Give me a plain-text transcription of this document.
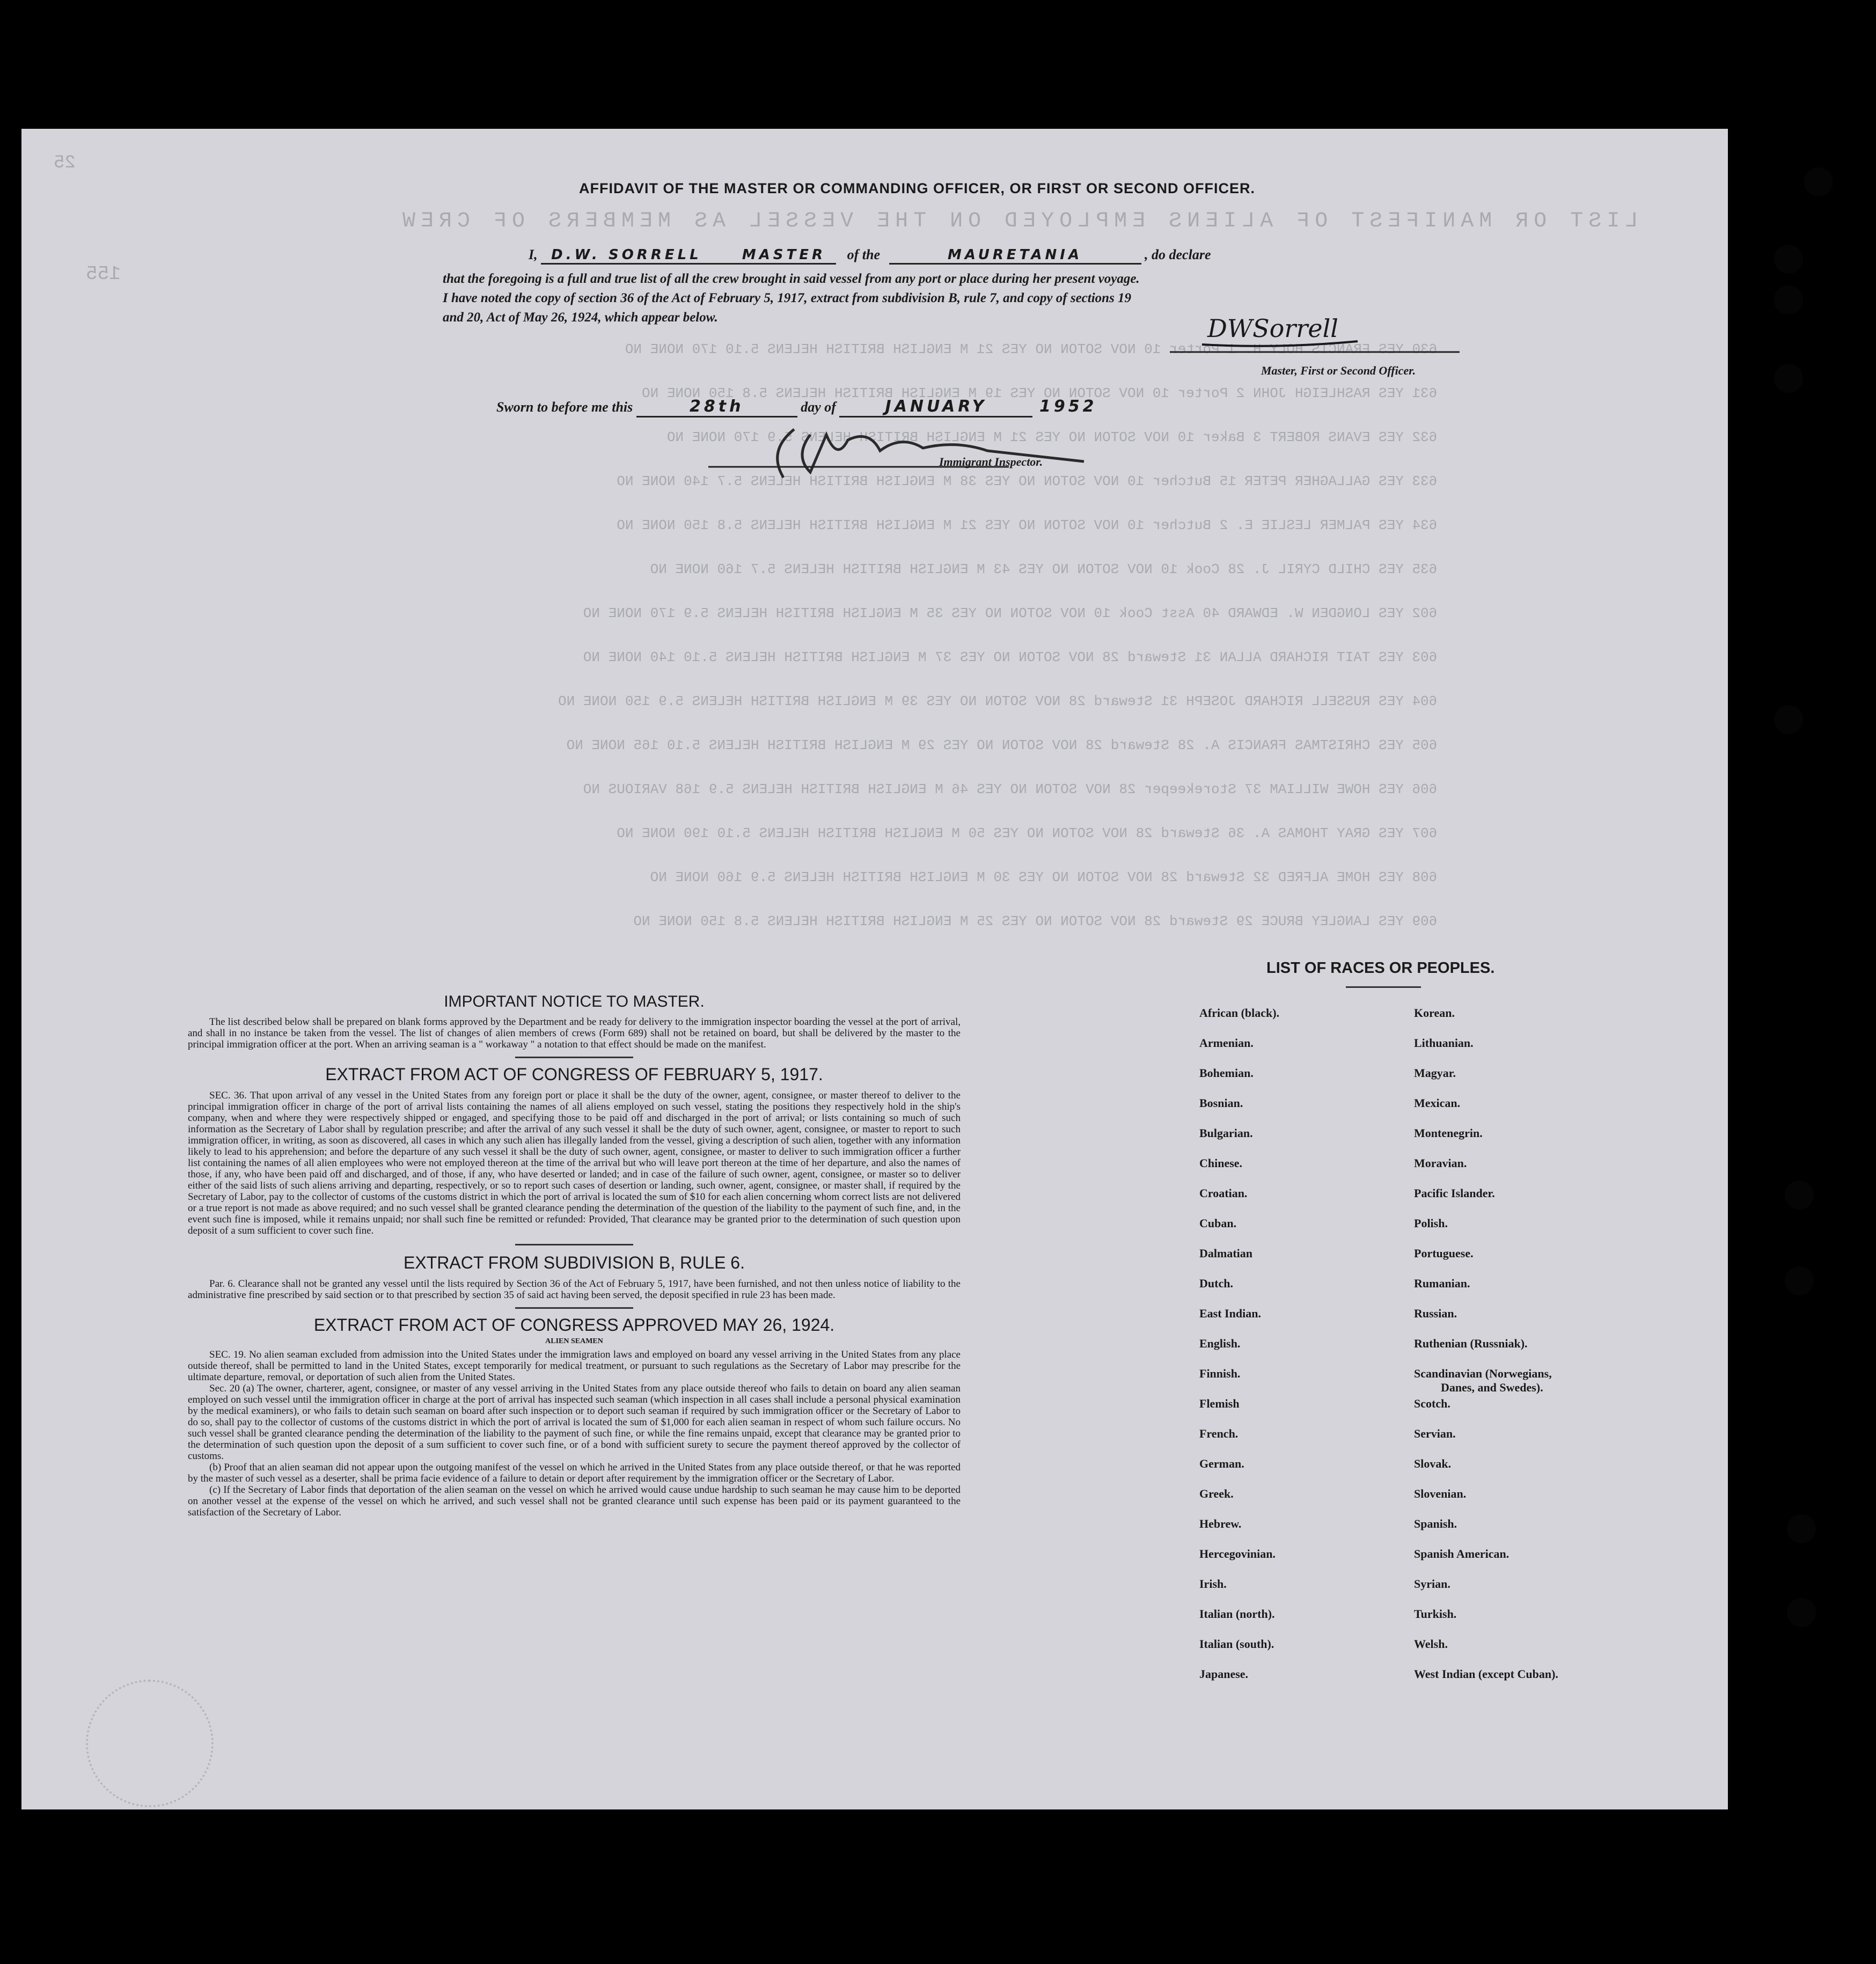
LIST OR MANIFEST OF ALIENS EMPLOYED ON THE VESSEL AS MEMBERS OF CREW
155
25
630 YES FRANCIS HOLY H. 1 Porter 10 NOV SOTON NO YES 21 M ENGLISH BRITISH HELENS 5.10 170 NONE NO
631 YES RASHLEIGH JOHN 2 Porter 10 NOV SOTON NO YES 19 M ENGLISH BRITISH HELENS 5.8 150 NONE NO
632 YES EVANS ROBERT 3 Baker 10 NOV SOTON NO YES 21 M ENGLISH BRITISH HELENS 5.9 170 NONE NO
633 YES GALLAGHER PETER 15 Butcher 10 NOV SOTON NO YES 38 M ENGLISH BRITISH HELENS 5.7 140 NONE NO
634 YES PALMER LESLIE E. 2 Butcher 10 NOV SOTON NO YES 21 M ENGLISH BRITISH HELENS 5.8 150 NONE NO
635 YES CHILD CYRIL J. 28 Cook 10 NOV SOTON NO YES 43 M ENGLISH BRITISH HELENS 5.7 160 NONE NO
602 YES LONGDEN W. EDWARD 40 Asst Cook 10 NOV SOTON NO YES 35 M ENGLISH BRITISH HELENS 5.9 170 NONE NO
603 YES TAIT RICHARD ALLAN 31 Steward 28 NOV SOTON NO YES 37 M ENGLISH BRITISH HELENS 5.10 140 NONE NO
604 YES RUSSELL RICHARD JOSEPH 31 Steward 28 NOV SOTON NO YES 39 M ENGLISH BRITISH HELENS 5.9 150 NONE NO
605 YES CHRISTMAS FRANCIS A. 28 Steward 28 NOV SOTON NO YES 29 M ENGLISH BRITISH HELENS 5.10 165 NONE NO
606 YES HOWE WILLIAM 37 Storekeeper 28 NOV SOTON NO YES 46 M ENGLISH BRITISH HELENS 5.9 168 VARIOUS NO
607 YES GRAY THOMAS A. 36 Steward 28 NOV SOTON NO YES 50 M ENGLISH BRITISH HELENS 5.10 190 NONE NO
608 YES HOME ALFRED 32 Steward 28 NOV SOTON NO YES 30 M ENGLISH BRITISH HELENS 5.9 160 NONE NO
609 YES LANGLEY BRUCE 29 Steward 28 NOV SOTON NO YES 25 M ENGLISH BRITISH HELENS 5.8 150 NONE NO
AFFIDAVIT OF THE MASTER OR COMMANDING OFFICER, OR FIRST OR SECOND OFFICER.
I, D.W. SORRELL	MASTER of the	MAURETANIA	, do declare
that the foregoing is a full and true list of all the crew brought in said vessel from any port or place during her present voyage.
I have noted the copy of section 36 of the Act of February 5, 1917, extract from subdivision B, rule 7, and copy of sections 19
and 20, Act of May 26, 1924, which appear below.	DWSorrell
Master, First or Second Officer.
Sworn to before me this	28th	day of	JANUARY	1952
Immigrant Inspector.
IMPORTANT NOTICE TO MASTER.
The list described below shall be prepared on blank forms approved by the Department and be ready for delivery to the immigration inspector boarding the vessel at the port of arrival, and shall in no instance be taken from the vessel. The list of changes of alien members of crews (Form 689) shall not be retained on board, but shall be delivered by the master to the principal immigration officer at the port. When an arriving seaman is a " workaway " a notation to that effect should be made on the manifest.
EXTRACT FROM ACT OF CONGRESS OF FEBRUARY 5, 1917.
SEC. 36. That upon arrival of any vessel in the United States from any foreign port or place it shall be the duty of the owner, agent, consignee, or master thereof to deliver to the principal immigration officer in charge of the port of arrival lists containing the names of all aliens employed on such vessel, stating the positions they respectively hold in the ship's company, when and where they were respectively shipped or engaged, and specifying those to be paid off and discharged in the port of arrival; or lists containing so much of such information as the Secretary of Labor shall by regulation prescribe; and after the arrival of any such vessel it shall be the duty of such owner, agent, consignee, or master to report to such immigration officer, in writing, as soon as discovered, all cases in which any such alien has illegally landed from the vessel, giving a description of such alien, together with any information likely to lead to his apprehension; and before the departure of any such vessel it shall be the duty of such owner, agent, consignee, or master to deliver to such immigration officer a further list containing the names of all alien employees who were not employed thereon at the time of the arrival but who will leave port thereon at the time of her departure, and also the names of those, if any, who have been paid off and discharged, and of those, if any, who have deserted or landed; and in case of the failure of such owner, agent, consignee, or master so to deliver either of the said lists of such aliens arriving and departing, respectively, or so to report such cases of desertion or landing, such owner, agent, consignee, or master shall, if required by the Secretary of Labor, pay to the collector of customs of the customs district in which the port of arrival is located the sum of $10 for each alien concerning whom correct lists are not delivered or a true report is not made as above required; and no such vessel shall be granted clearance pending the determination of the question of the liability to the payment of such fine, and, in the event such fine is imposed, while it remains unpaid; nor shall such fine be remitted or refunded: Provided, That clearance may be granted prior to the determination of such question upon deposit of a sum sufficient to cover such fine.
EXTRACT FROM SUBDIVISION B, RULE 6.
Par. 6. Clearance shall not be granted any vessel until the lists required by Section 36 of the Act of February 5, 1917, have been furnished, and not then unless notice of liability to the administrative fine prescribed by said section or to that prescribed by section 35 of said act having been served, the deposit specified in rule 23 has been made.
EXTRACT FROM ACT OF CONGRESS APPROVED MAY 26, 1924.
ALIEN SEAMEN
SEC. 19. No alien seaman excluded from admission into the United States under the immigration laws and employed on board any vessel arriving in the United States from any place outside thereof, shall be permitted to land in the United States, except temporarily for medical treatment, or pursuant to such regulations as the Secretary of Labor may prescribe for the ultimate departure, removal, or deportation of such alien from the United States.
Sec. 20 (a) The owner, charterer, agent, consignee, or master of any vessel arriving in the United States from any place outside thereof who fails to detain on board any alien seaman employed on such vessel until the immigration officer in charge at the port of arrival has inspected such seaman (which inspection in all cases shall include a personal physical examination by the medical examiners), or who fails to detain such seaman on board after such inspection or to deport such seaman if required by such immigration officer or the Secretary of Labor to do so, shall pay to the collector of customs of the customs district in which the port of arrival is located the sum of $1,000 for each alien seaman in respect of whom such failure occurs. No such vessel shall be granted clearance pending the determination of the liability to the payment of such fine, or while the fine remains unpaid, except that clearance may be granted prior to the determination of such question upon the deposit of a sum sufficient to cover such fine, or of a bond with sufficient surety to secure the payment thereof approved by the collector of customs.
(b) Proof that an alien seaman did not appear upon the outgoing manifest of the vessel on which he arrived in the United States from any place outside thereof, or that he was reported by the master of such vessel as a deserter, shall be prima facie evidence of a failure to detain or deport after requirement by the immigration officer or the Secretary of Labor.
(c) If the Secretary of Labor finds that deportation of the alien seaman on the vessel on which he arrived would cause undue hardship to such seaman he may cause him to be deported on another vessel at the expense of the vessel on which he arrived, and such vessel shall not be granted clearance until such expense has been paid or its payment guaranteed to the satisfaction of the Secretary of Labor.
LIST OF RACES OR PEOPLES.
African (black).
Armenian.
Bohemian.
Bosnian.
Bulgarian.
Chinese.
Croatian.
Cuban.
Dalmatian
Dutch.
East Indian.
English.
Finnish.
Flemish
French.
German.
Greek.
Hebrew.
Hercegovinian.
Irish.
Italian (north).
Italian (south).
Japanese.
Korean.
Lithuanian.
Magyar.
Mexican.
Montenegrin.
Moravian.
Pacific Islander.
Polish.
Portuguese.
Rumanian.
Russian.
Ruthenian (Russniak).
Scandinavian (Norwegians,
Danes, and Swedes).
Scotch.
Servian.
Slovak.
Slovenian.
Spanish.
Spanish American.
Syrian.
Turkish.
Welsh.
West Indian (except Cuban).
